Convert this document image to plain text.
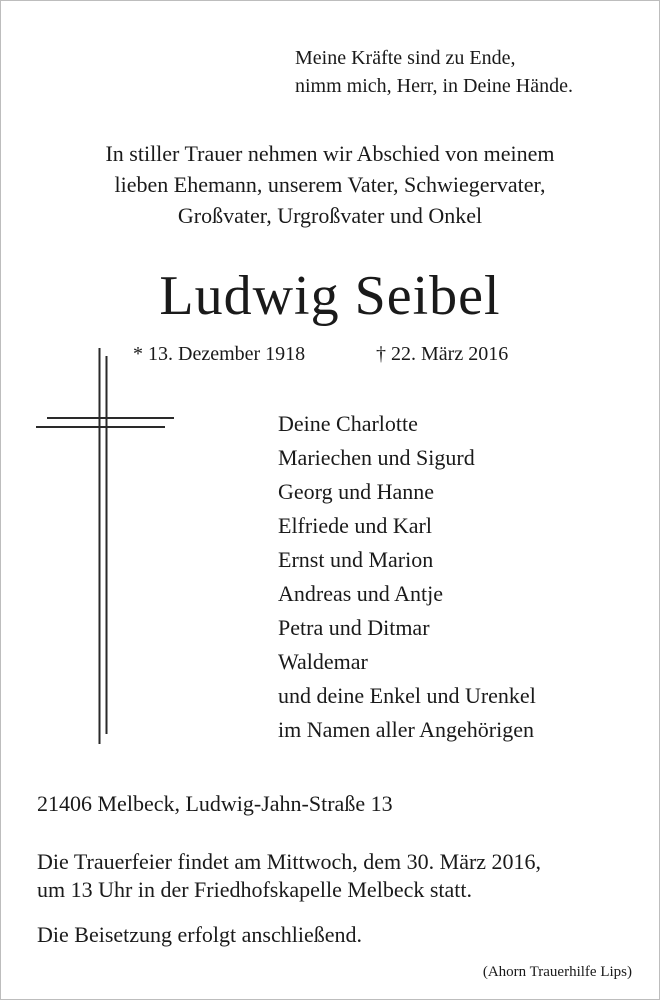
Meine Kräfte sind zu Ende,
nimm mich, Herr, in Deine Hände.
In stiller Trauer nehmen wir Abschied von meinem
lieben Ehemann, unserem Vater, Schwiegervater,
Großvater, Urgroßvater und Onkel
Ludwig Seibel
* 13. Dezember 1918	† 22. März 2016
Deine Charlotte
Mariechen und Sigurd
Georg und Hanne
Elfriede und Karl
Ernst und Marion
Andreas und Antje
Petra und Ditmar
Waldemar
und deine Enkel und Urenkel
im Namen aller Angehörigen
21406 Melbeck, Ludwig-Jahn-Straße 13
Die Trauerfeier findet am Mittwoch, dem 30. März 2016,
um 13 Uhr in der Friedhofskapelle Melbeck statt.
Die Beisetzung erfolgt anschließend.
(Ahorn Trauerhilfe Lips)
